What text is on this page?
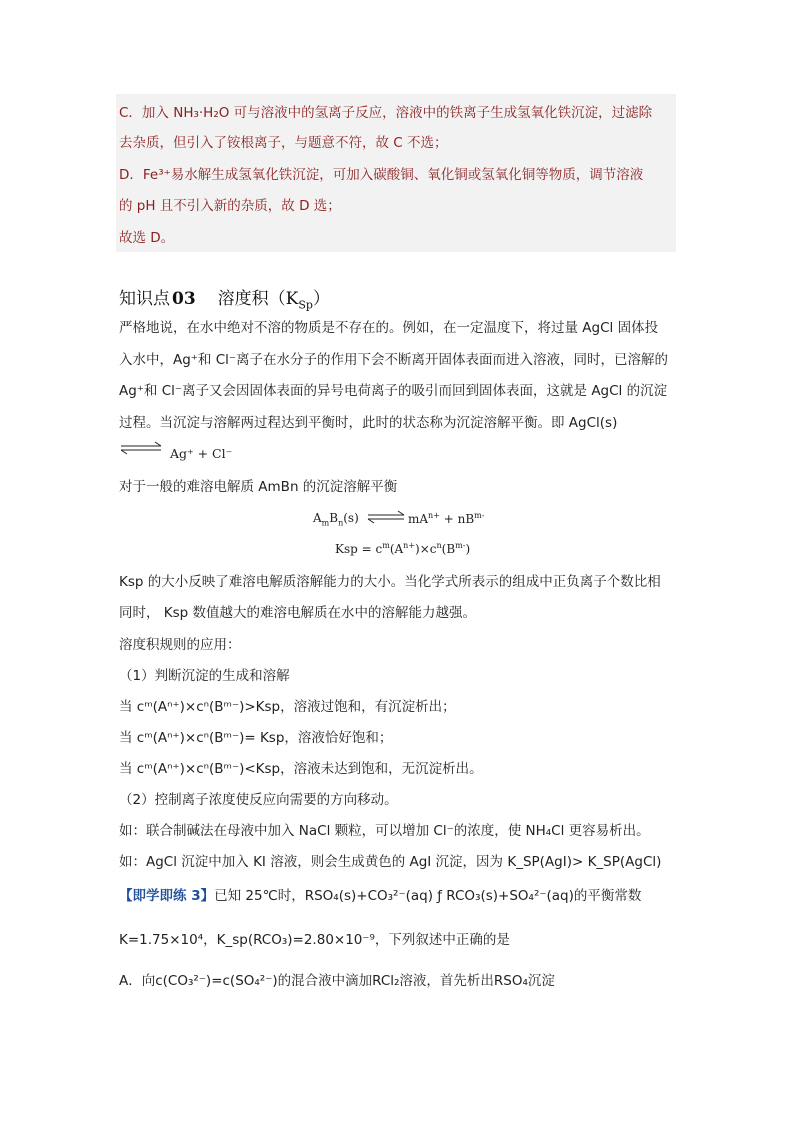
C．加入 NH₃·H₂O 可与溶液中的氢离子反应，溶液中的铁离子生成氢氧化铁沉淀，过滤除
去杂质，但引入了铵根离子，与题意不符，故 C 不选；
D．Fe³⁺易水解生成氢氧化铁沉淀，可加入碳酸铜、氧化铜或氢氧化铜等物质，调节溶液
的 pH 且不引入新的杂质，故 D 选；
故选 D。
知识点 03 溶度积$(K_{Sp})$
严格地说，在水中绝对不溶的物质是不存在的。例如，在一定温度下，将过量 AgCl 固体投
入水中，Ag⁺和 Cl⁻离子在水分子的作用下会不断离开固体表面而进入溶液，同时，已溶解的
Ag⁺和 Cl⁻离子又会因固体表面的异号电荷离子的吸引而回到固体表面，这就是 AgCl 的沉淀
过程。当沉淀与溶解两过程达到平衡时，此时的状态称为沉淀溶解平衡。即 AgCl(s)
⇌ Ag⁺ + Cl⁻
对于一般的难溶电解质 AmBn 的沉淀溶解平衡
$A_mB_n(s)$ ⇌ $mA^{n+} + nB^{m-}$
Ksp = $c^m(A^{n+})\times c^n(B^{m-})$
Ksp 的大小反映了难溶电解质溶解能力的大小。当化学式所表示的组成中正负离子个数比相
同时， Ksp 数值越大的难溶电解质在水中的溶解能力越强。
溶度积规则的应用：
（1）判断沉淀的生成和溶解
当 cᵐ(Aⁿ⁺)×cⁿ(Bᵐ⁻)>Ksp，溶液过饱和，有沉淀析出；
当 cᵐ(Aⁿ⁺)×cⁿ(Bᵐ⁻)= Ksp，溶液恰好饱和；
当 cᵐ(Aⁿ⁺)×cⁿ(Bᵐ⁻)<Ksp，溶液未达到饱和，无沉淀析出。
（2）控制离子浓度使反应向需要的方向移动。
如：联合制碱法在母液中加入 NaCl 颗粒，可以增加 Cl⁻的浓度，使 NH₄Cl 更容易析出。
如：AgCl 沉淀中加入 KI 溶液，则会生成黄色的 AgI 沉淀，因为 K_SP(AgI)> K_SP(AgCl)
【即学即练 3】已知 25℃时，RSO₄(s)+CO₃²⁻(aq) ƒ RCO₃(s)+SO₄²⁻(aq)的平衡常数
K=1.75×10⁴，K_sp(RCO₃)=2.80×10⁻⁹，下列叙述中正确的是
A．向c(CO₃²⁻)=c(SO₄²⁻)的混合液中滴加RCl₂溶液，首先析出RSO₄沉淀
